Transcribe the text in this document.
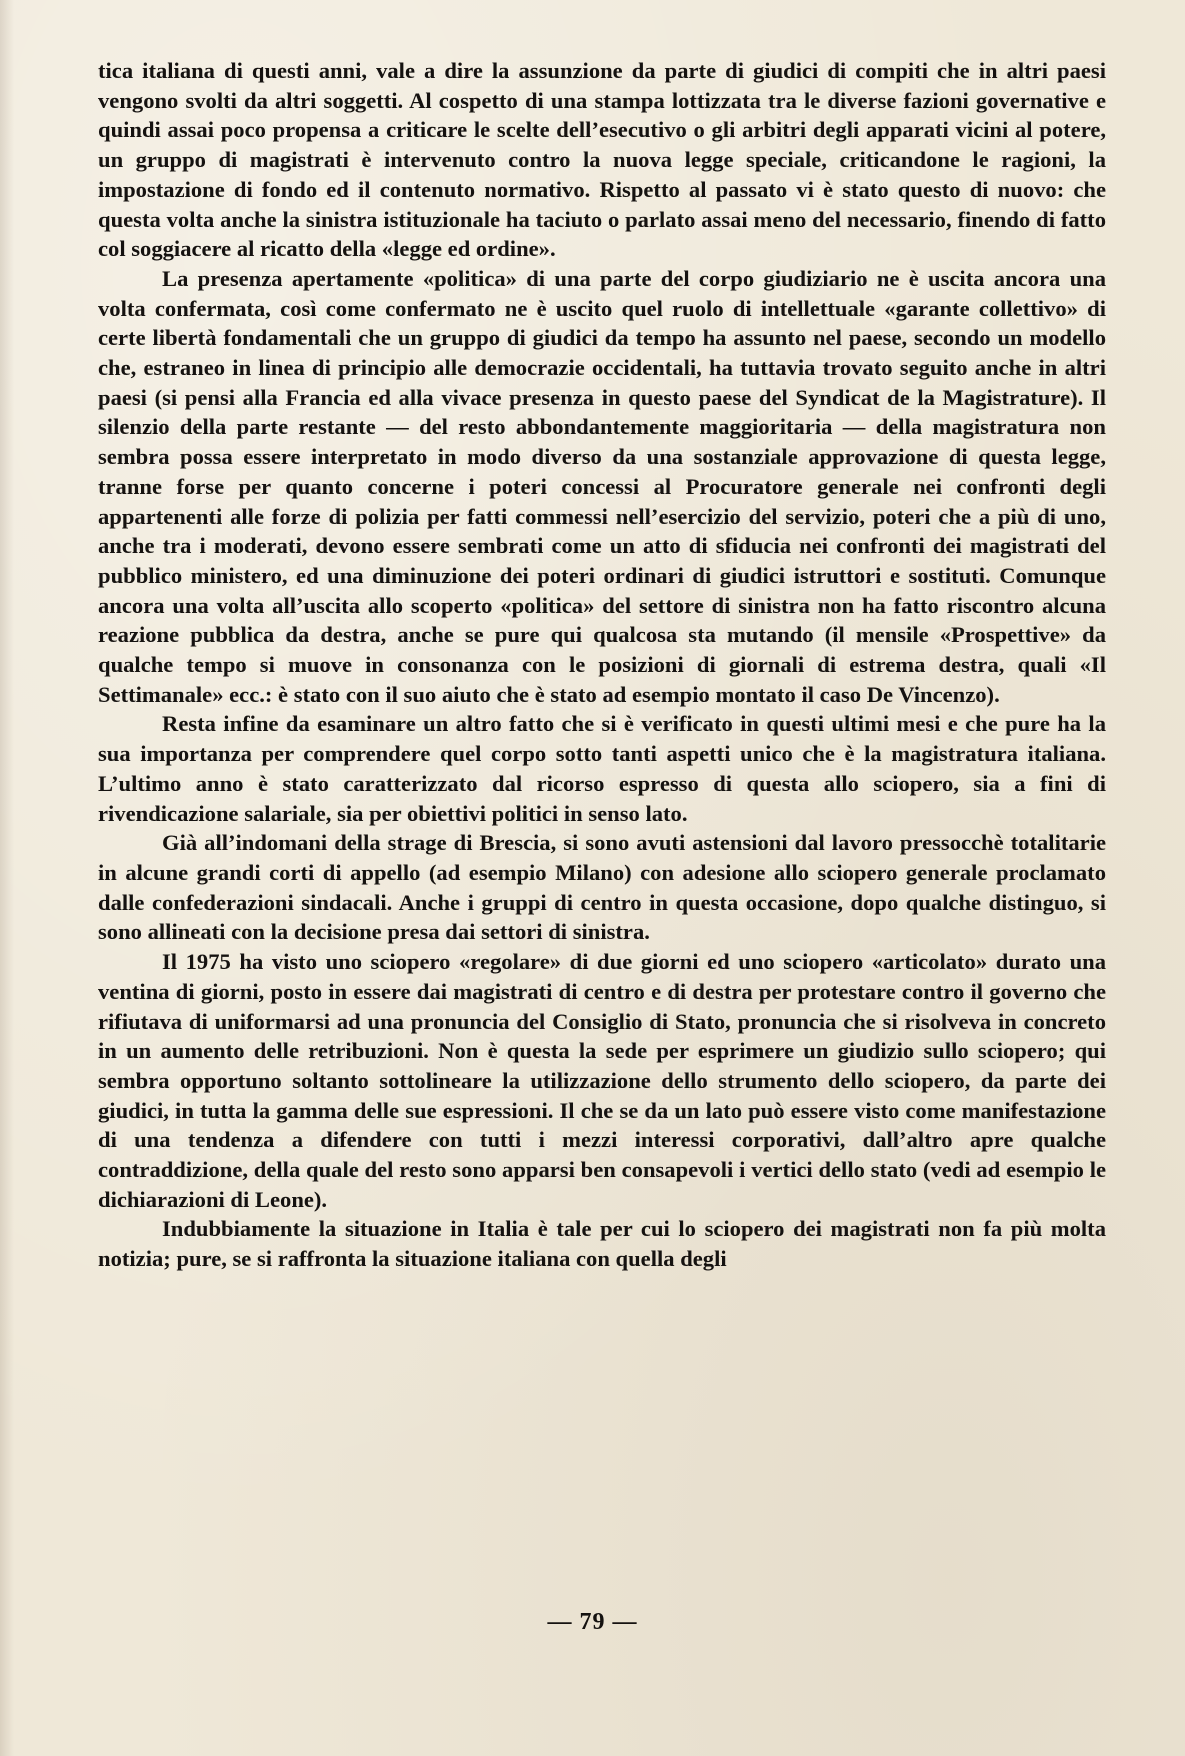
tica italiana di questi anni, vale a dire la assunzione da parte di giudici di compiti che in altri paesi vengono svolti da altri soggetti. Al cospetto di una stampa lottizzata tra le diverse fazioni governative e quindi assai poco propensa a criticare le scelte dell’esecutivo o gli arbitri degli apparati vicini al potere, un gruppo di magistrati è intervenuto contro la nuova legge speciale, criticandone le ragioni, la impostazione di fondo ed il contenuto normativo. Rispetto al passato vi è stato questo di nuovo: che questa volta anche la sinistra istituzionale ha taciuto o parlato assai meno del necessario, finendo di fatto col soggiacere al ricatto della «legge ed ordine».

La presenza apertamente «politica» di una parte del corpo giudiziario ne è uscita ancora una volta confermata, così come confermato ne è uscito quel ruolo di intellettuale «garante collettivo» di certe libertà fondamentali che un gruppo di giudici da tempo ha assunto nel paese, secondo un modello che, estraneo in linea di principio alle democrazie occidentali, ha tuttavia trovato seguito anche in altri paesi (si pensi alla Francia ed alla vivace presenza in questo paese del Syndicat de la Magistrature). Il silenzio della parte restante — del resto abbondantemente maggioritaria — della magistratura non sembra possa essere interpretato in modo diverso da una sostanziale approvazione di questa legge, tranne forse per quanto concerne i poteri concessi al Procuratore generale nei confronti degli appartenenti alle forze di polizia per fatti commessi nell’esercizio del servizio, poteri che a più di uno, anche tra i moderati, devono essere sembrati come un atto di sfiducia nei confronti dei magistrati del pubblico ministero, ed una diminuzione dei poteri ordinari di giudici istruttori e sostituti. Comunque ancora una volta all’uscita allo scoperto «politica» del settore di sinistra non ha fatto riscontro alcuna reazione pubblica da destra, anche se pure qui qualcosa sta mutando (il mensile «Prospettive» da qualche tempo si muove in consonanza con le posizioni di giornali di estrema destra, quali «Il Settimanale» ecc.: è stato con il suo aiuto che è stato ad esempio montato il caso De Vincenzo).

Resta infine da esaminare un altro fatto che si è verificato in questi ultimi mesi e che pure ha la sua importanza per comprendere quel corpo sotto tanti aspetti unico che è la magistratura italiana. L’ultimo anno è stato caratterizzato dal ricorso espresso di questa allo sciopero, sia a fini di rivendicazione salariale, sia per obiettivi politici in senso lato.

Già all’indomani della strage di Brescia, si sono avuti astensioni dal lavoro pressocchè totalitarie in alcune grandi corti di appello (ad esempio Milano) con adesione allo sciopero generale proclamato dalle confederazioni sindacali. Anche i gruppi di centro in questa occasione, dopo qualche distinguo, si sono allineati con la decisione presa dai settori di sinistra.

Il 1975 ha visto uno sciopero «regolare» di due giorni ed uno sciopero «articolato» durato una ventina di giorni, posto in essere dai magistrati di centro e di destra per protestare contro il governo che rifiutava di uniformarsi ad una pronuncia del Consiglio di Stato, pronuncia che si risolveva in concreto in un aumento delle retribuzioni. Non è questa la sede per esprimere un giudizio sullo sciopero; qui sembra opportuno soltanto sottolineare la utilizzazione dello strumento dello sciopero, da parte dei giudici, in tutta la gamma delle sue espressioni. Il che se da un lato può essere visto come manifestazione di una tendenza a difendere con tutti i mezzi interessi corporativi, dall’altro apre qualche contraddizione, della quale del resto sono apparsi ben consapevoli i vertici dello stato (vedi ad esempio le dichiarazioni di Leone).

Indubbiamente la situazione in Italia è tale per cui lo sciopero dei magistrati non fa più molta notizia; pure, se si raffronta la situazione italiana con quella degli

— 79 —
